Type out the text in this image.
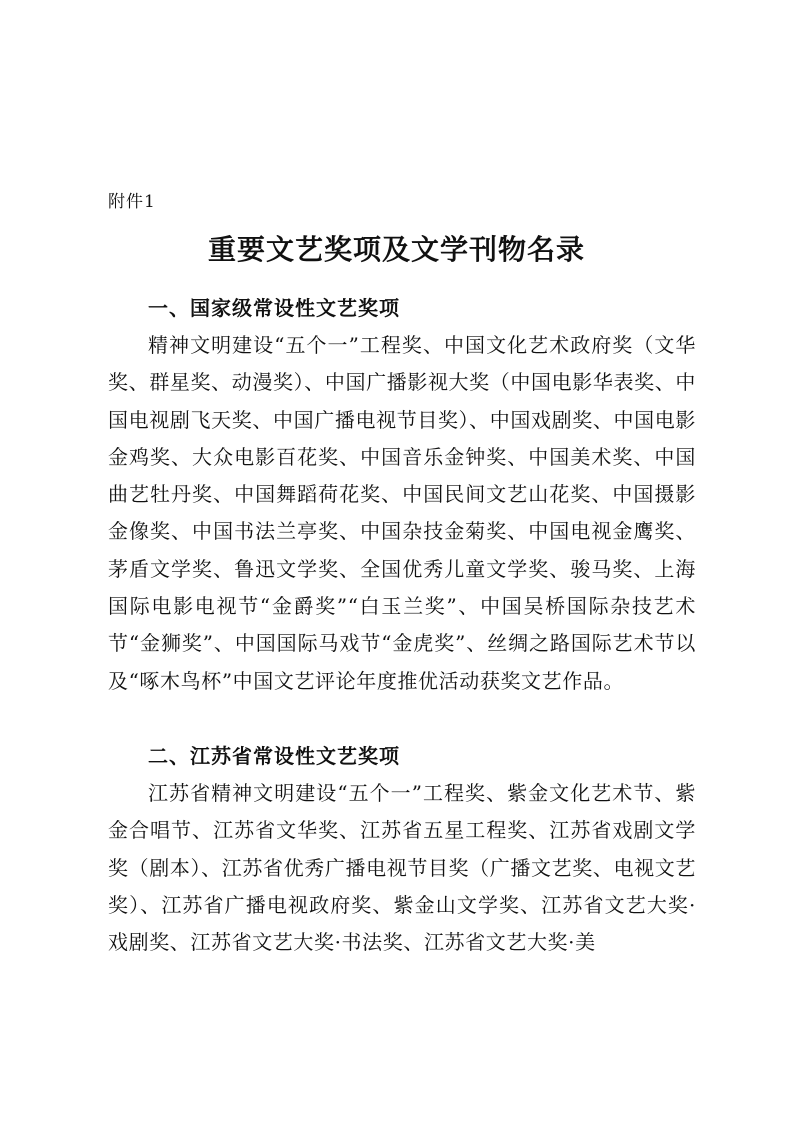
附件1
重要文艺奖项及文学刊物名录
一、国家级常设性文艺奖项
精神文明建设“五个一”工程奖、中国文化艺术政府奖（文华奖、群星奖、动漫奖）、中国广播影视大奖（中国电影华表奖、中国电视剧飞天奖、中国广播电视节目奖）、中国戏剧奖、中国电影金鸡奖、大众电影百花奖、中国音乐金钟奖、中国美术奖、中国曲艺牡丹奖、中国舞蹈荷花奖、中国民间文艺山花奖、中国摄影金像奖、中国书法兰亭奖、中国杂技金菊奖、中国电视金鹰奖、茅盾文学奖、鲁迅文学奖、全国优秀儿童文学奖、骏马奖、上海国际电影电视节“金爵奖”“白玉兰奖”、中国吴桥国际杂技艺术节“金狮奖”、中国国际马戏节“金虎奖”、丝绸之路国际艺术节以及“啄木鸟杯”中国文艺评论年度推优活动获奖文艺作品。
二、江苏省常设性文艺奖项
江苏省精神文明建设“五个一”工程奖、紫金文化艺术节、紫金合唱节、江苏省文华奖、江苏省五星工程奖、江苏省戏剧文学奖（剧本）、江苏省优秀广播电视节目奖（广播文艺奖、电视文艺奖）、江苏省广播电视政府奖、紫金山文学奖、江苏省文艺大奖·戏剧奖、江苏省文艺大奖·书法奖、江苏省文艺大奖·美
